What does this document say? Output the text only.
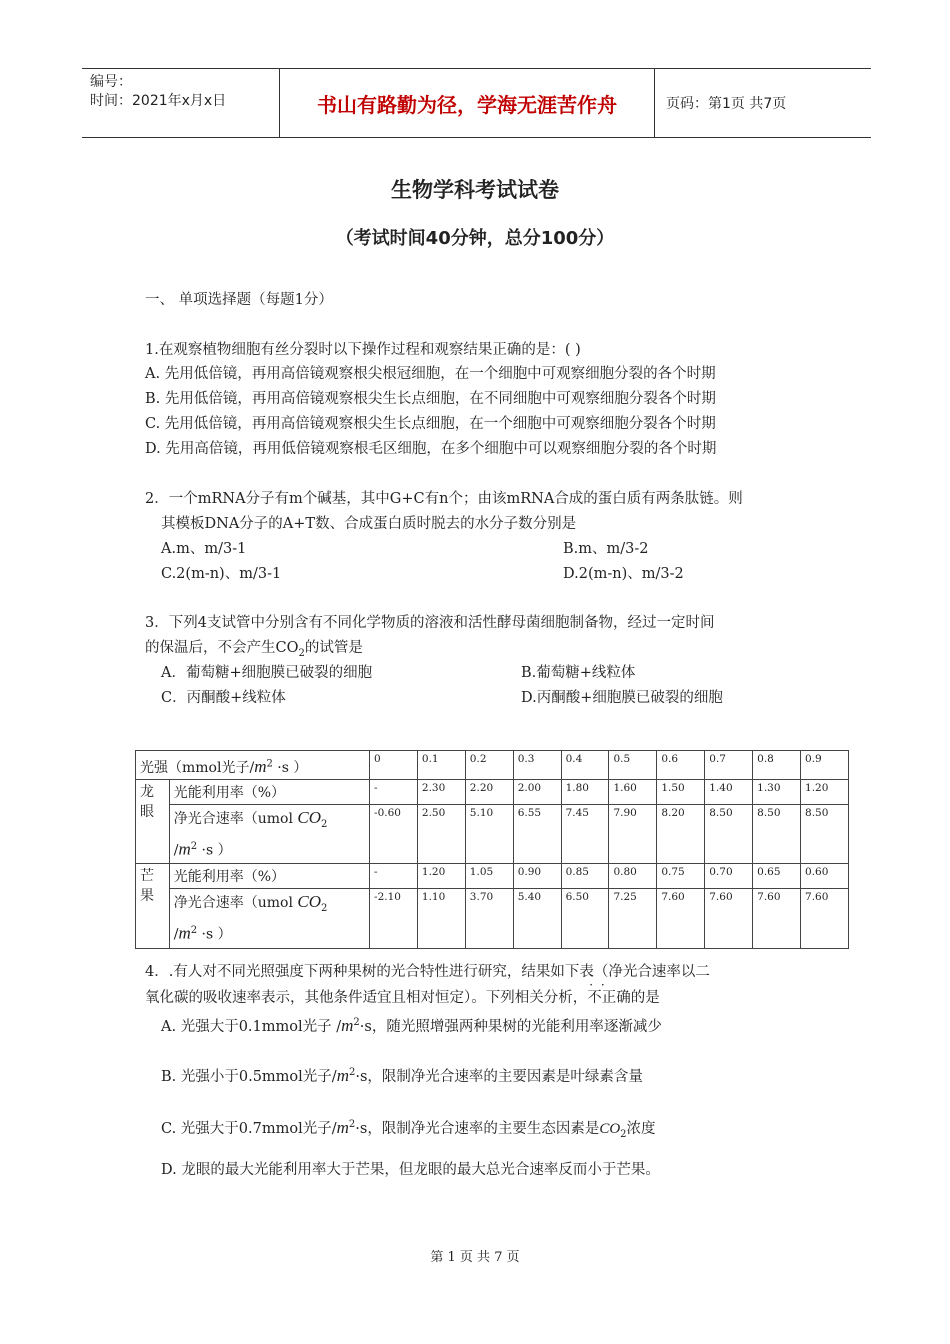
编号：
时间：2021年x月x日	书山有路勤为径，学海无涯苦作舟	页码：第1页 共7页
生物学科考试试卷
（考试时间40分钟，总分100分）
一、 单项选择题（每题1分）
1.在观察植物细胞有丝分裂时以下操作过程和观察结果正确的是：( )
A. 先用低倍镜，再用高倍镜观察根尖根冠细胞，在一个细胞中可观察细胞分裂的各个时期
B. 先用低倍镜，再用高倍镜观察根尖生长点细胞，在不同细胞中可观察细胞分裂各个时期
C. 先用低倍镜，再用高倍镜观察根尖生长点细胞，在一个细胞中可观察细胞分裂各个时期
D. 先用高倍镜，再用低倍镜观察根毛区细胞，在多个细胞中可以观察细胞分裂的各个时期
2．一个mRNA分子有m个碱基，其中G+C有n个；由该mRNA合成的蛋白质有两条肽链。则
其模板DNA分子的A+T数、合成蛋白质时脱去的水分子数分别是
A.m、m/3-1	B.m、m/3-2
C.2(m-n)、m/3-1	D.2(m-n)、m/3-2
3．下列4支试管中分别含有不同化学物质的溶液和活性酵母菌细胞制备物，经过一定时间
的保温后，不会产生$CO_2$的试管是
A．葡萄糖+细胞膜已破裂的细胞	B.葡萄糖+线粒体
C．丙酮酸+线粒体	D.丙酮酸+细胞膜已破裂的细胞
光强（mmol光子$/m^2 \cdot s$ ）		0	0.1	0.2	0.3	0.4	0.5	0.6	0.7	0.8	0.9
龙眼	光能利用率（%）	-	2.30	2.20	2.00	1.80	1.60	1.50	1.40	1.30	1.20
	净光合速率（umol $CO_2$
$/m^2 \cdot s$ ）	-0.60	2.50	5.10	6.55	7.45	7.90	8.20	8.50	8.50	8.50
芒果	光能利用率（%）	-	1.20	1.05	0.90	0.85	0.80	0.75	0.70	0.65	0.60
	净光合速率（umol $CO_2$
$/m^2 \cdot s$ ）	-2.10	1.10	3.70	5.40	6.50	7.25	7.60	7.60	7.60	7.60
4．.有人对不同光照强度下两种果树的光合特性进行研究，结果如下表（净光合速率以二
氧化碳的吸收速率表示，其他条件适宜且相对恒定）。下列相关分析，· · 不正确的是
A. 光强大于0.1mmol光子 $/m^2\cdot s$，随光照增强两种果树的光能利用率逐渐减少
B. 光强小于0.5mmol光子$/m^2\cdot s$，限制净光合速率的主要因素是叶绿素含量
C. 光强大于0.7mmol光子$/m^2\cdot s$，限制净光合速率的主要生态因素是$CO_2$浓度
D. 龙眼的最大光能利用率大于芒果，但龙眼的最大总光合速率反而小于芒果。
第 1 页 共 7 页
